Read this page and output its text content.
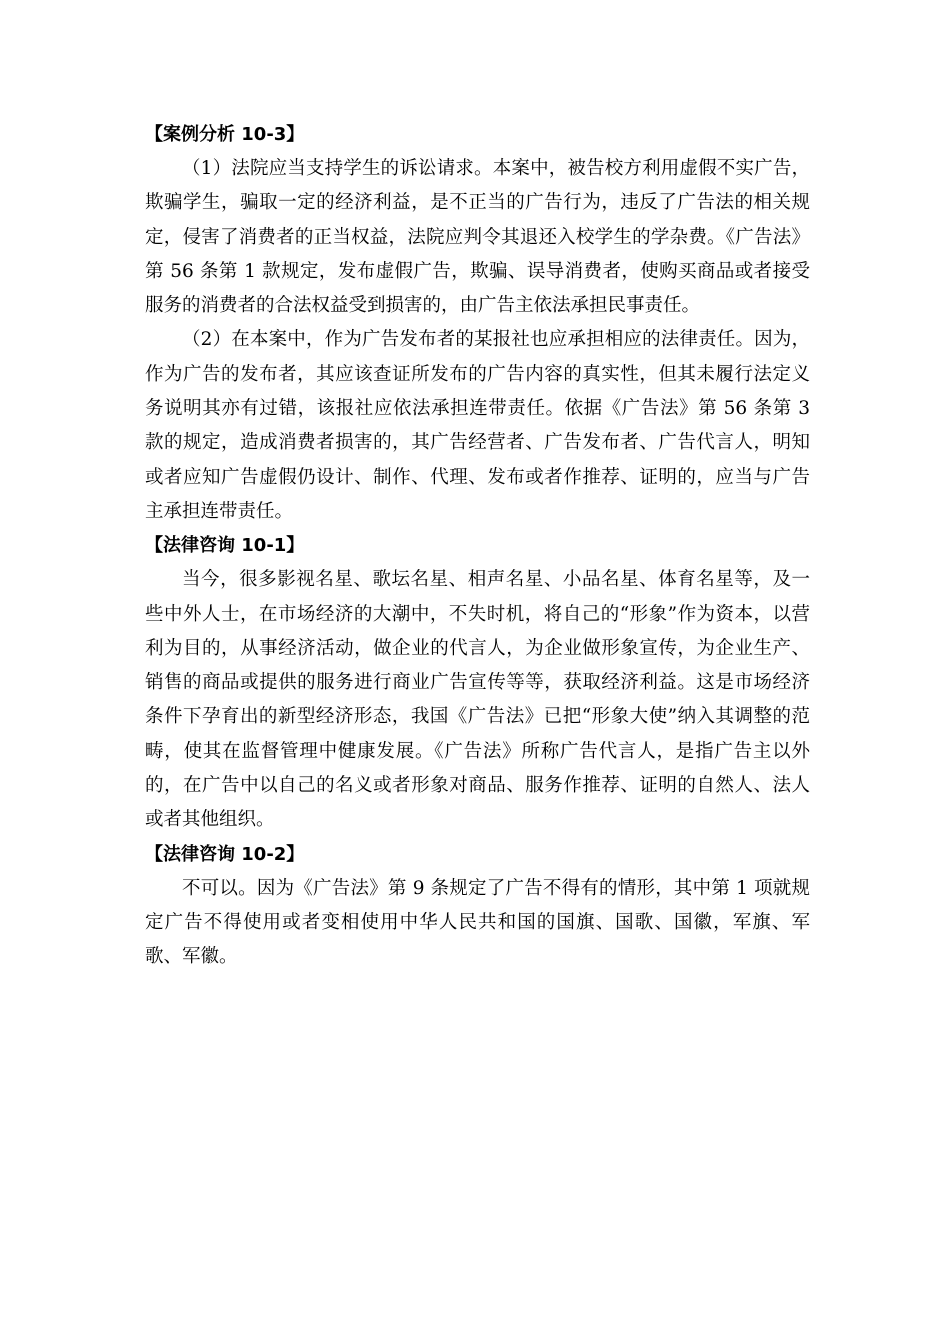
【案例分析 10-3】

（1）法院应当支持学生的诉讼请求。本案中，被告校方利用虚假不实广告，欺骗学生，骗取一定的经济利益，是不正当的广告行为，违反了广告法的相关规定，侵害了消费者的正当权益，法院应判令其退还入校学生的学杂费。《广告法》第 56 条第 1 款规定，发布虚假广告，欺骗、误导消费者，使购买商品或者接受服务的消费者的合法权益受到损害的，由广告主依法承担民事责任。

（2）在本案中，作为广告发布者的某报社也应承担相应的法律责任。因为，作为广告的发布者，其应该查证所发布的广告内容的真实性，但其未履行法定义务说明其亦有过错，该报社应依法承担连带责任。依据《广告法》第 56 条第 3 款的规定，造成消费者损害的，其广告经营者、广告发布者、广告代言人，明知或者应知广告虚假仍设计、制作、代理、发布或者作推荐、证明的，应当与广告主承担连带责任。

【法律咨询 10-1】

当今，很多影视名星、歌坛名星、相声名星、小品名星、体育名星等，及一些中外人士，在市场经济的大潮中，不失时机，将自己的“形象”作为资本，以营利为目的，从事经济活动，做企业的代言人，为企业做形象宣传，为企业生产、销售的商品或提供的服务进行商业广告宣传等等，获取经济利益。这是市场经济条件下孕育出的新型经济形态，我国《广告法》已把“形象大使”纳入其调整的范畴，使其在监督管理中健康发展。《广告法》所称广告代言人，是指广告主以外的，在广告中以自己的名义或者形象对商品、服务作推荐、证明的自然人、法人或者其他组织。

【法律咨询 10-2】

不可以。因为《广告法》第 9 条规定了广告不得有的情形，其中第 1 项就规定广告不得使用或者变相使用中华人民共和国的国旗、国歌、国徽，军旗、军歌、军徽。
